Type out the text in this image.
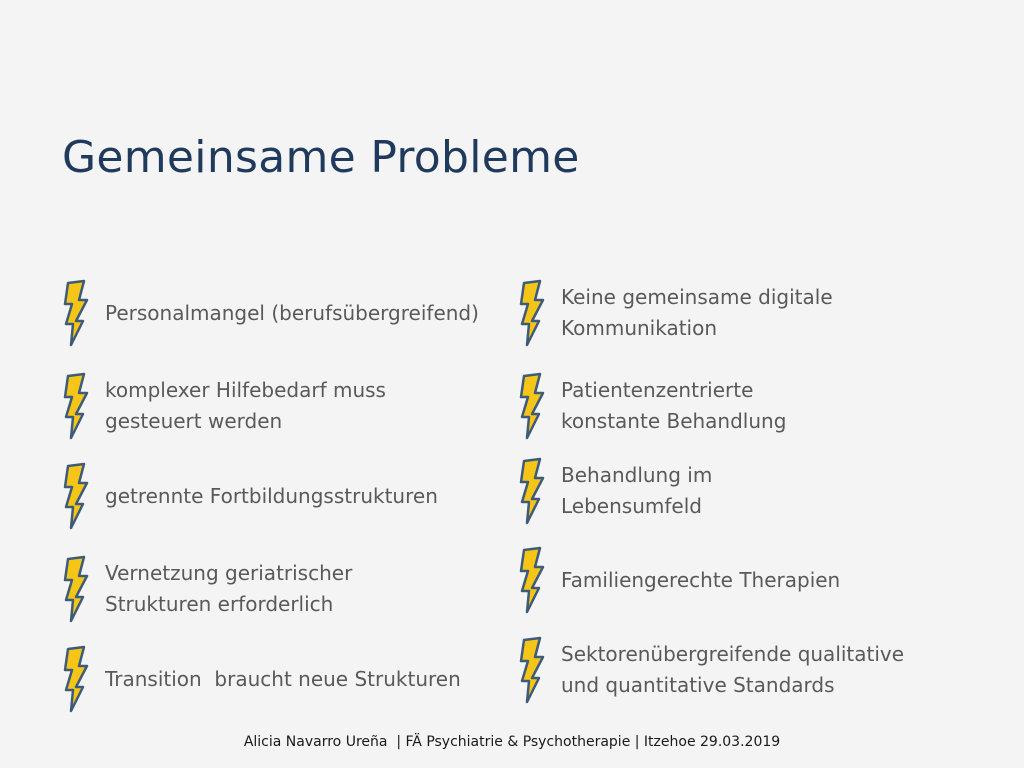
Gemeinsame Probleme
Personalmangel (berufsübergreifend)
komplexer Hilfebedarf muss
gesteuert werden
getrennte Fortbildungsstrukturen
Vernetzung geriatrischer
Strukturen erforderlich
Transition  braucht neue Strukturen
Keine gemeinsame digitale
Kommunikation
Patientenzentrierte
konstante Behandlung
Behandlung im
Lebensumfeld
Familiengerechte Therapien
Sektorenübergreifende qualitative
und quantitative Standards
Alicia Navarro Ureña  | FÄ Psychiatrie & Psychotherapie | Itzehoe 29.03.2019
